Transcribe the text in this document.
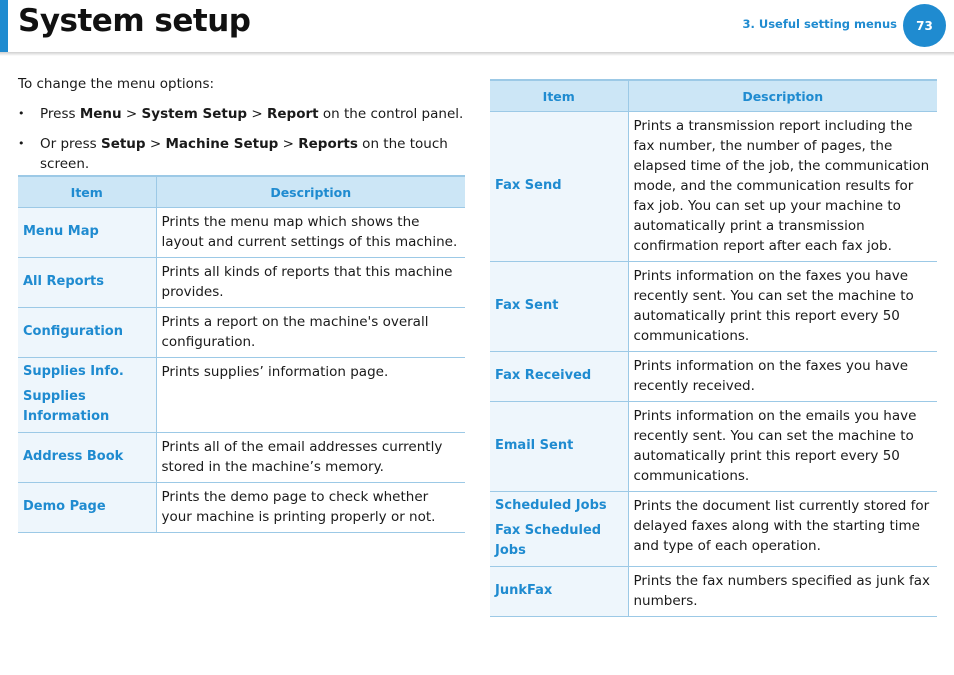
System setup	3. Useful setting menus 73

To change the menu options:

• Press Menu > System Setup > Report on the control panel.
• Or press Setup > Machine Setup > Reports on the touch screen.
Item	Description

Menu Map	Prints the menu map which shows the layout and current settings of this machine.

All Reports	Prints all kinds of reports that this machine provides.

Configuration	Prints a report on the machine's overall configuration.

Supplies Info.
Supplies Information	Prints supplies’ information page.

Address Book	Prints all of the email addresses currently stored in the machine’s memory.

Demo Page	Prints the demo page to check whether your machine is printing properly or not.
Item	Description

Fax Send	Prints a transmission report including the fax number, the number of pages, the elapsed time of the job, the communication mode, and the communication results for fax job. You can set up your machine to automatically print a transmission confirmation report after each fax job.

Fax Sent	Prints information on the faxes you have recently sent. You can set the machine to automatically print this report every 50 communications.

Fax Received	Prints information on the faxes you have recently received.

Email Sent	Prints information on the emails you have recently sent. You can set the machine to automatically print this report every 50 communications.

Scheduled Jobs
Fax Scheduled Jobs	Prints the document list currently stored for delayed faxes along with the starting time and type of each operation.

JunkFax	Prints the fax numbers specified as junk fax numbers.
